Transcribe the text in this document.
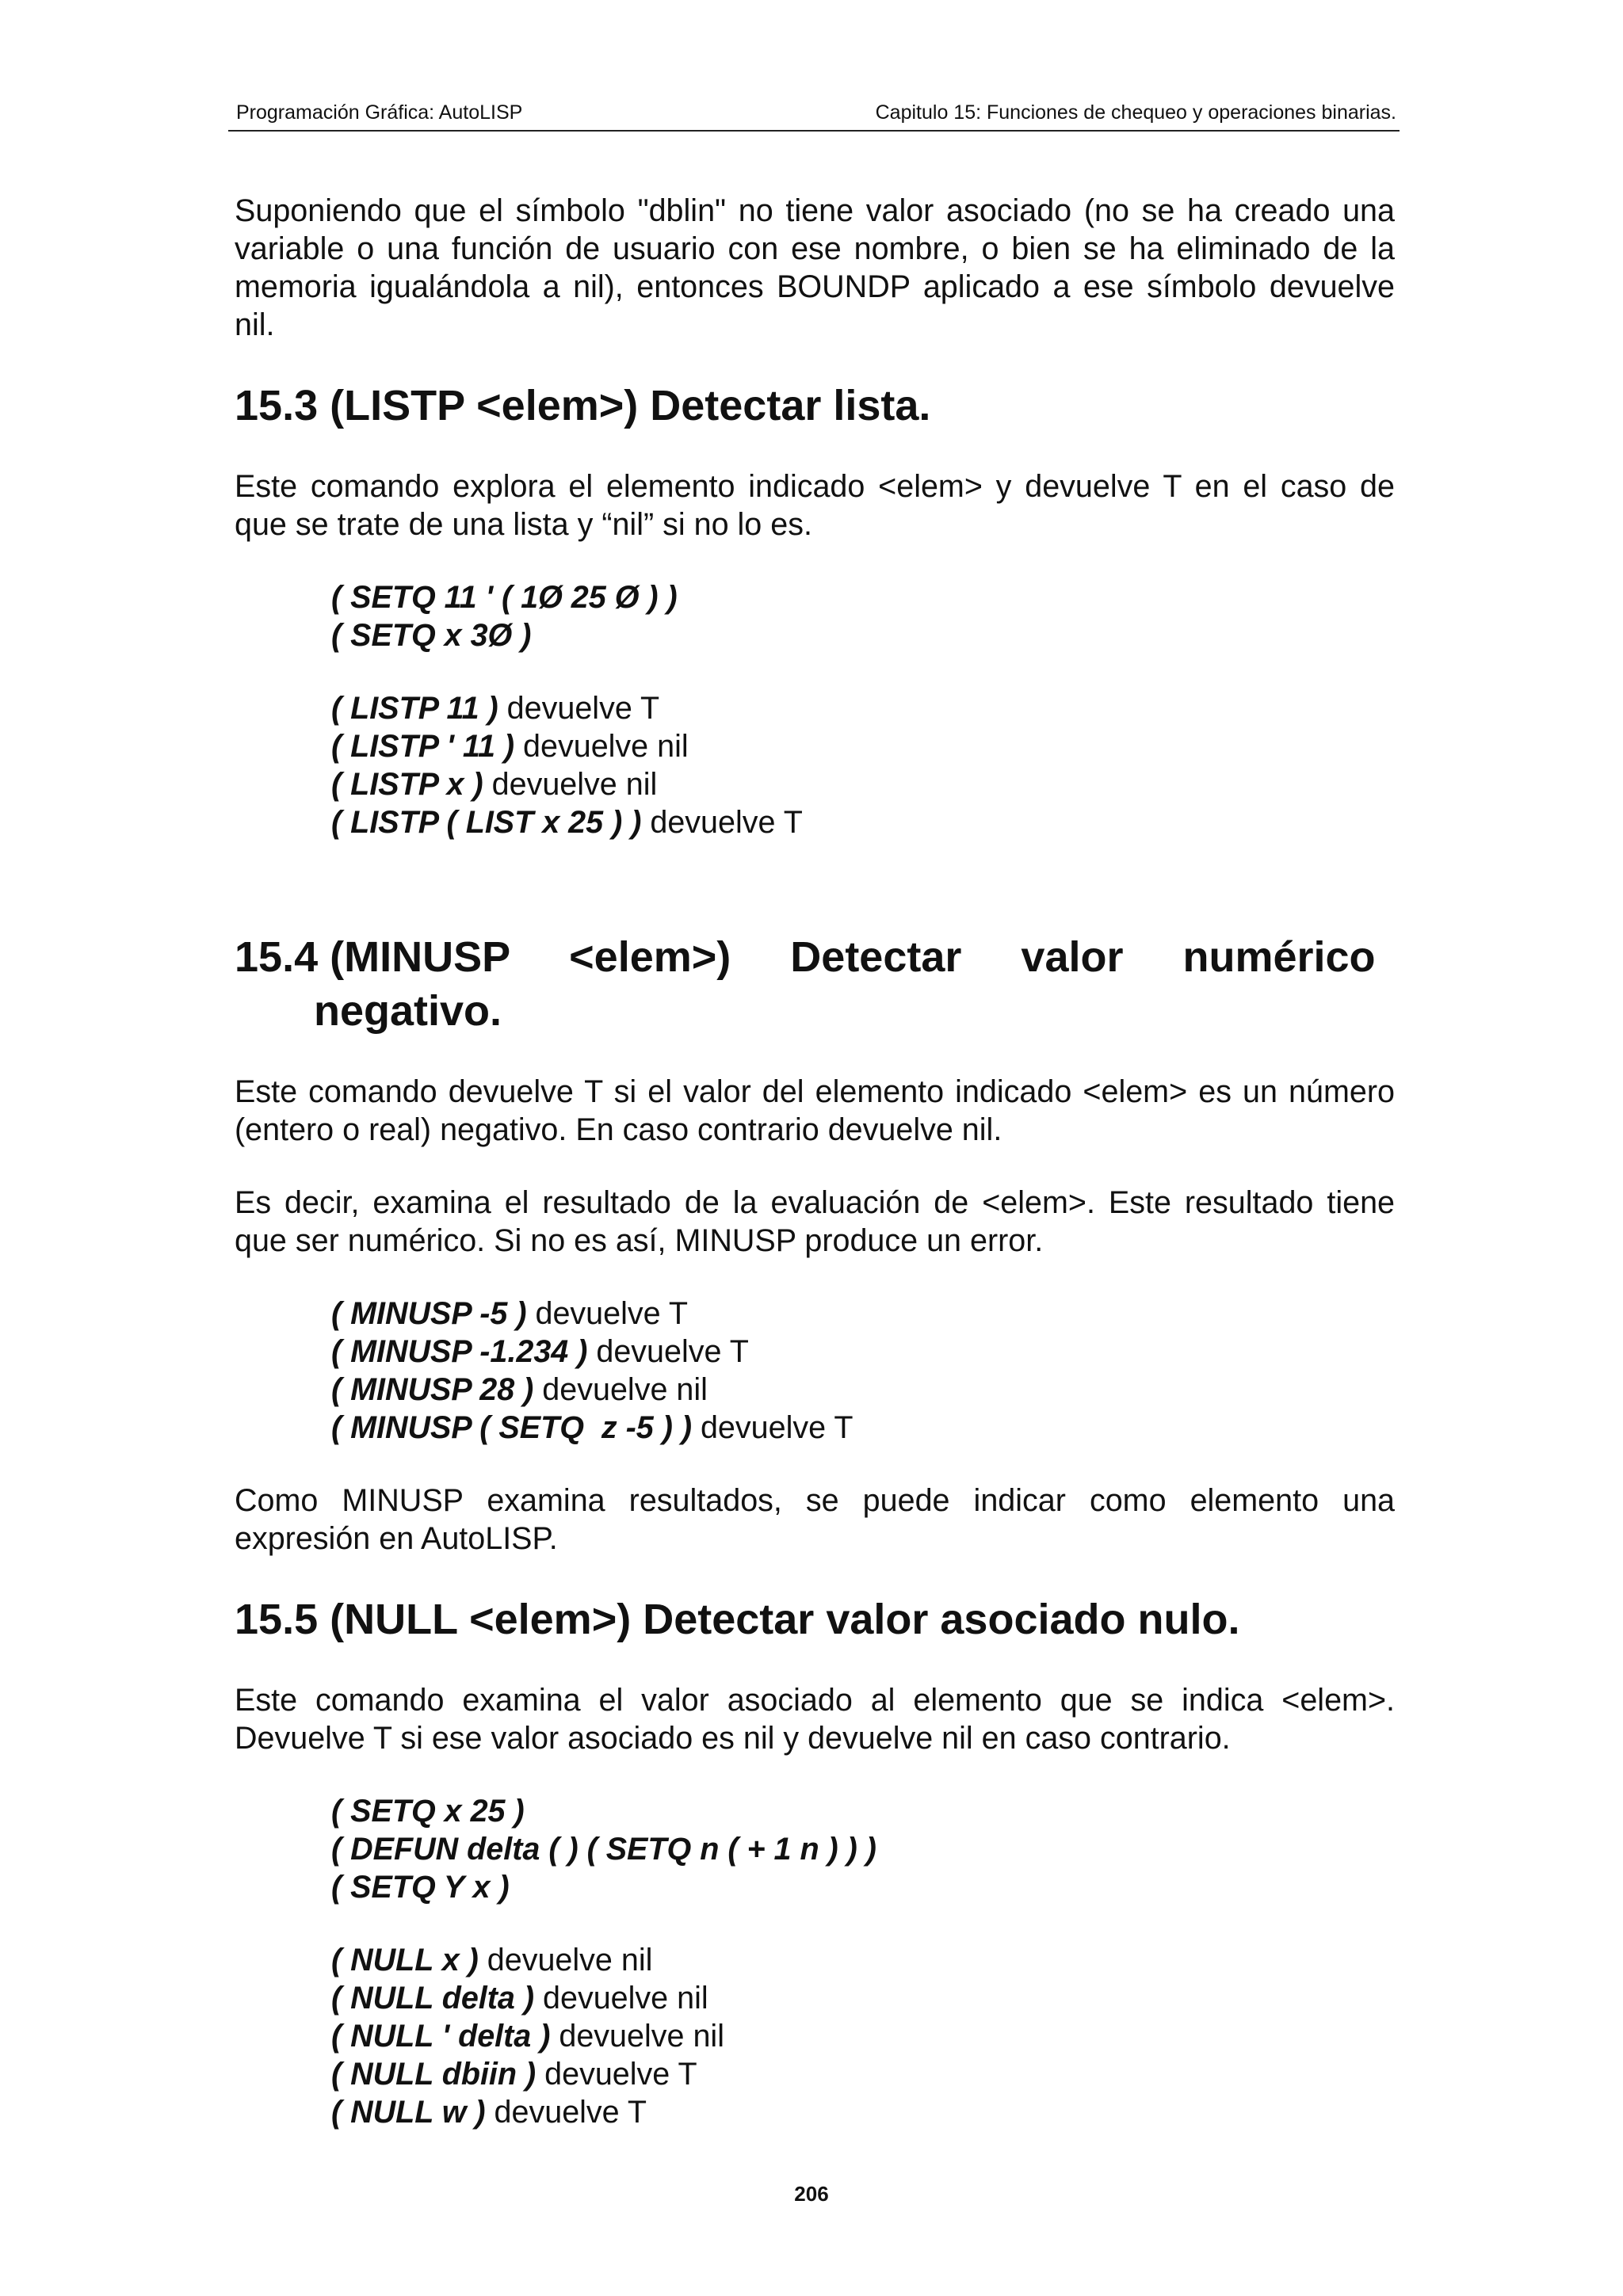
Programación Gráfica: AutoLISP	Capitulo 15: Funciones de chequeo y operaciones binarias.

Suponiendo que el símbolo "dblin" no tiene valor asociado (no se ha creado una variable o una función de usuario con ese nombre, o bien se ha eliminado de la memoria igualándola a nil), entonces BOUNDP aplicado a ese símbolo devuelve nil.

15.3 (LISTP <elem>) Detectar lista.

Este comando explora el elemento indicado <elem> y devuelve T en el caso de que se trate de una lista y “nil” si no lo es.

( SETQ 11 ' ( 1Ø 25 Ø ) )
( SETQ x 3Ø )
( LISTP 11 ) devuelve T
( LISTP ' 11 ) devuelve nil
( LISTP x ) devuelve nil
( LISTP ( LIST x 25 ) ) devuelve T

15.4 (MINUSP     <elem>)     Detectar     valor     numérico
negativo.

Este comando devuelve T si el valor del elemento indicado <elem> es un número (entero o real) negativo. En caso contrario devuelve nil.

Es decir, examina el resultado de la evaluación de <elem>. Este resultado tiene que ser numérico. Si no es así, MINUSP produce un error.

( MINUSP -5 ) devuelve T
( MINUSP -1.234 ) devuelve T
( MINUSP 28 ) devuelve nil
( MINUSP ( SETQ  z -5 ) ) devuelve T

Como MINUSP examina resultados, se puede indicar como elemento una expresión en AutoLISP.

15.5 (NULL <elem>) Detectar valor asociado nulo.

Este comando examina el valor asociado al elemento que se indica <elem>. Devuelve T si ese valor asociado es nil y devuelve nil en caso contrario.

( SETQ x 25 )
( DEFUN delta ( ) ( SETQ n ( + 1 n ) ) )
( SETQ Y x )
( NULL x ) devuelve nil
( NULL delta ) devuelve nil
( NULL ' delta ) devuelve nil
( NULL dbiin ) devuelve T
( NULL w ) devuelve T
206
